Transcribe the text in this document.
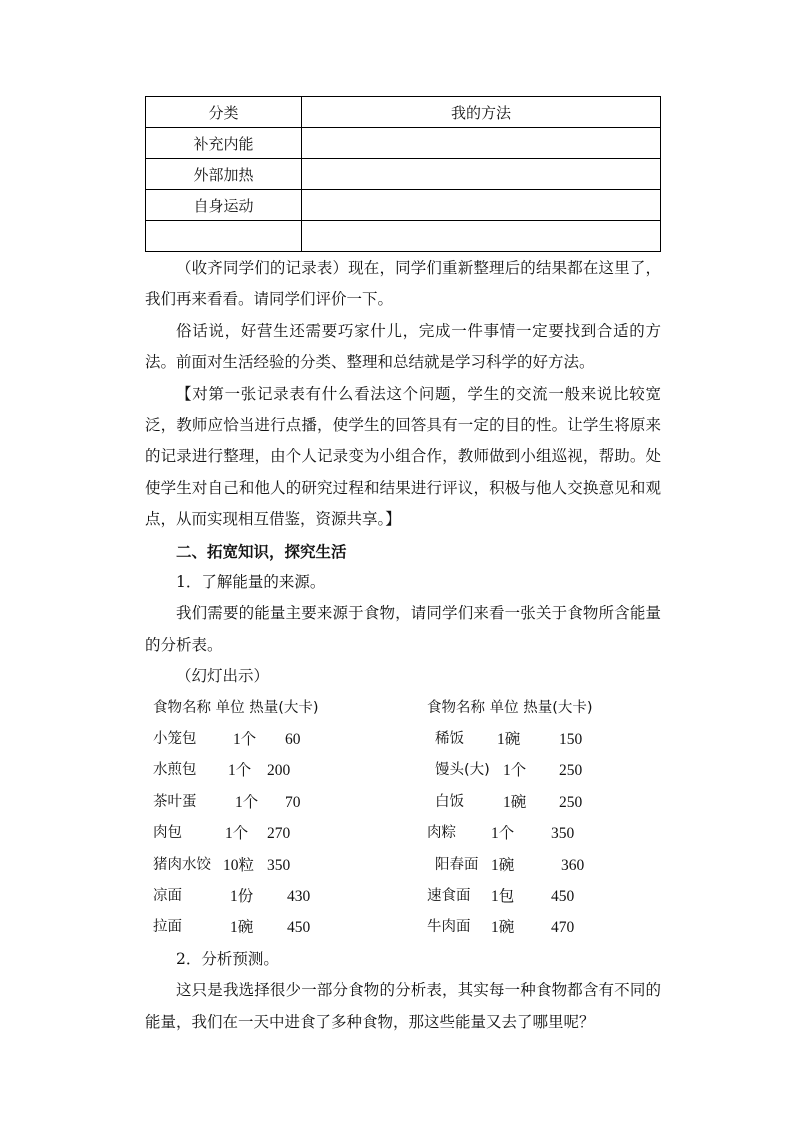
分类	我的方法
补充内能	
外部加热	
自身运动	

（收齐同学们的记录表）现在，同学们重新整理后的结果都在这里了，我们再来看看。请同学们评价一下。

俗话说，好营生还需要巧家什儿，完成一件事情一定要找到合适的方法。前面对生活经验的分类、整理和总结就是学习科学的好方法。

【对第一张记录表有什么看法这个问题，学生的交流一般来说比较宽泛，教师应恰当进行点播，使学生的回答具有一定的目的性。让学生将原来的记录进行整理，由个人记录变为小组合作，教师做到小组巡视，帮助。处使学生对自己和他人的研究过程和结果进行评议，积极与他人交换意见和观点，从而实现相互借鉴，资源共享。】

二、拓宽知识，探究生活

1．了解能量的来源。

我们需要的能量主要来源于食物，请同学们来看一张关于食物所含能量的分析表。

（幻灯出示）

食物名称 单位 热量(大卡)	食物名称 单位 热量(大卡)
小笼包 1个 60	稀饭 1碗 150
水煎包 1个 200	馒头(大) 1个 250
茶叶蛋 1个 70	白饭	1碗 250
肉包	1个 270	肉粽 1个 350
猪肉水饺 10粒 350	阳春面 1碗	360
凉面	1份 430	速食面 1包 450
拉面	1碗 450	牛肉面 1碗 470

2．分析预测。

这只是我选择很少一部分食物的分析表，其实每一种食物都含有不同的能量，我们在一天中进食了多种食物，那这些能量又去了哪里呢？
